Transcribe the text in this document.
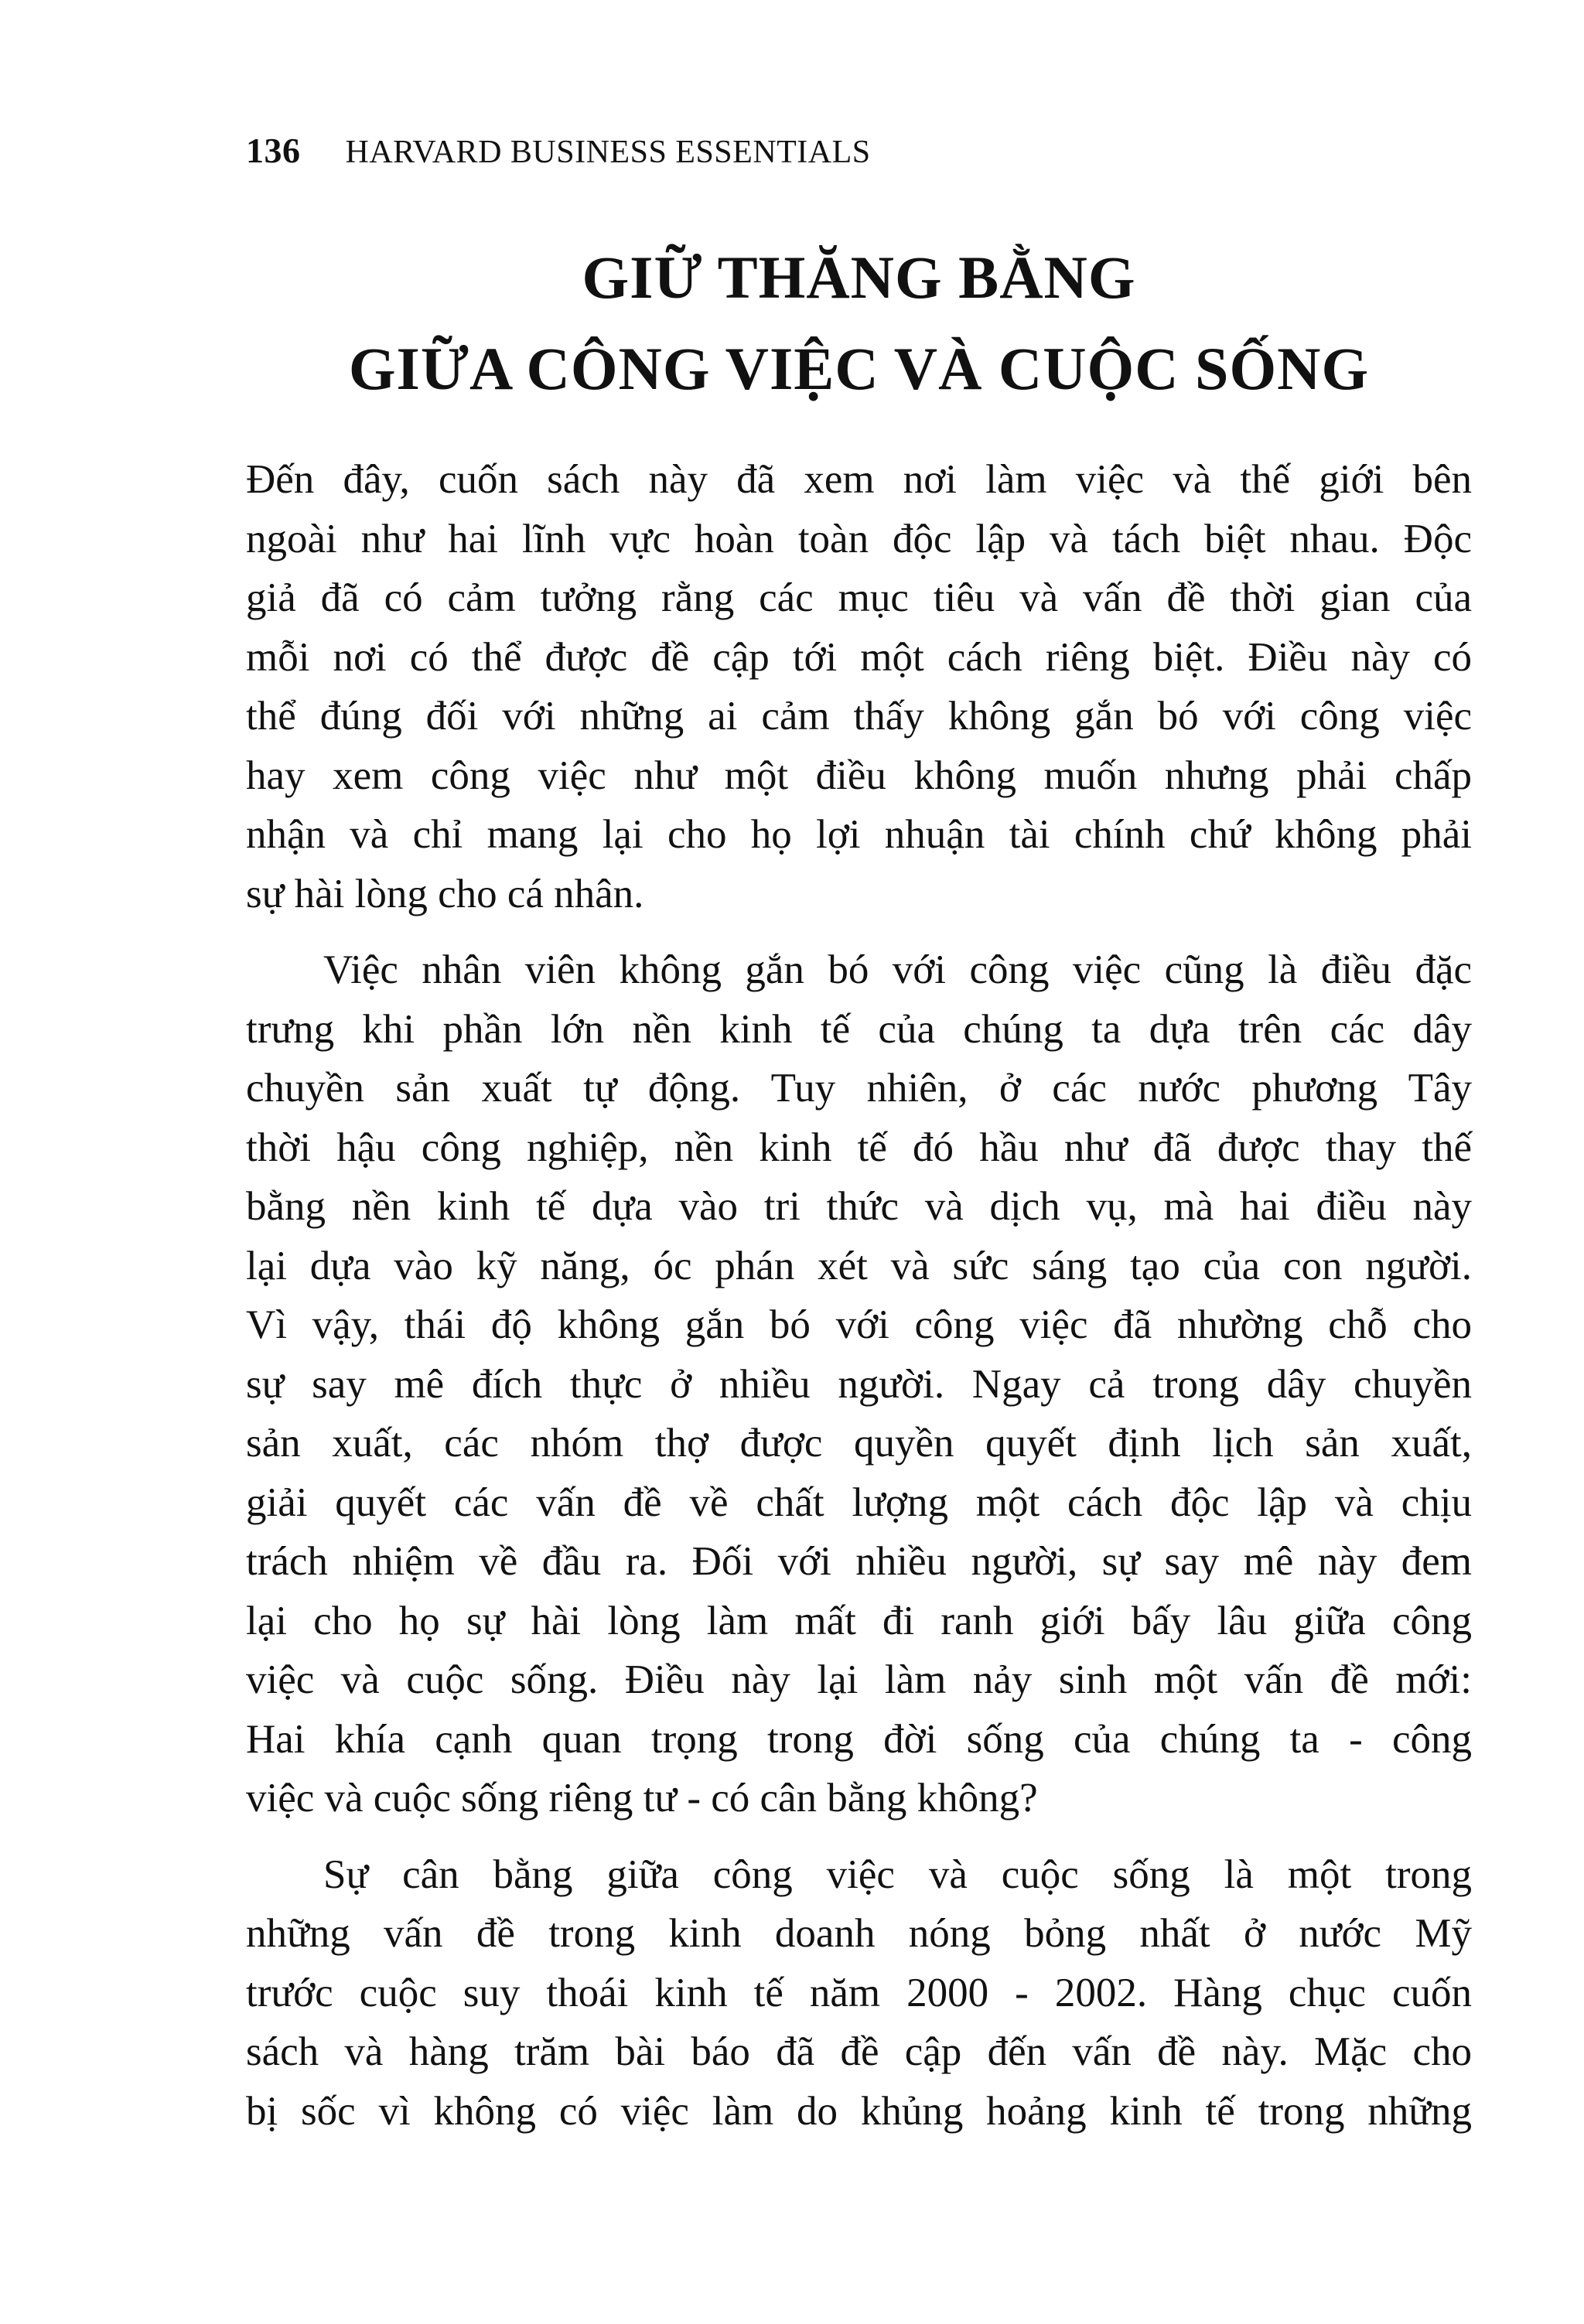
136 HARVARD BUSINESS ESSENTIALS
GIỮ THĂNG BẰNG
GIỮA CÔNG VIỆC VÀ CUỘC SỐNG

Đến đây, cuốn sách này đã xem nơi làm việc và thế giới bên
ngoài như hai lĩnh vực hoàn toàn độc lập và tách biệt nhau. Độc
giả đã có cảm tưởng rằng các mục tiêu và vấn đề thời gian của
mỗi nơi có thể được đề cập tới một cách riêng biệt. Điều này có
thể đúng đối với những ai cảm thấy không gắn bó với công việc
hay xem công việc như một điều không muốn nhưng phải chấp
nhận và chỉ mang lại cho họ lợi nhuận tài chính chứ không phải
sự hài lòng cho cá nhân.

Việc nhân viên không gắn bó với công việc cũng là điều đặc
trưng khi phần lớn nền kinh tế của chúng ta dựa trên các dây
chuyền sản xuất tự động. Tuy nhiên, ở các nước phương Tây
thời hậu công nghiệp, nền kinh tế đó hầu như đã được thay thế
bằng nền kinh tế dựa vào tri thức và dịch vụ, mà hai điều này
lại dựa vào kỹ năng, óc phán xét và sức sáng tạo của con người.
Vì vậy, thái độ không gắn bó với công việc đã nhường chỗ cho
sự say mê đích thực ở nhiều người. Ngay cả trong dây chuyền
sản xuất, các nhóm thợ được quyền quyết định lịch sản xuất,
giải quyết các vấn đề về chất lượng một cách độc lập và chịu
trách nhiệm về đầu ra. Đối với nhiều người, sự say mê này đem
lại cho họ sự hài lòng làm mất đi ranh giới bấy lâu giữa công
việc và cuộc sống. Điều này lại làm nảy sinh một vấn đề mới:
Hai khía cạnh quan trọng trong đời sống của chúng ta - công
việc và cuộc sống riêng tư - có cân bằng không?

Sự cân bằng giữa công việc và cuộc sống là một trong
những vấn đề trong kinh doanh nóng bỏng nhất ở nước Mỹ
trước cuộc suy thoái kinh tế năm 2000 - 2002. Hàng chục cuốn
sách và hàng trăm bài báo đã đề cập đến vấn đề này. Mặc cho
bị sốc vì không có việc làm do khủng hoảng kinh tế trong những
